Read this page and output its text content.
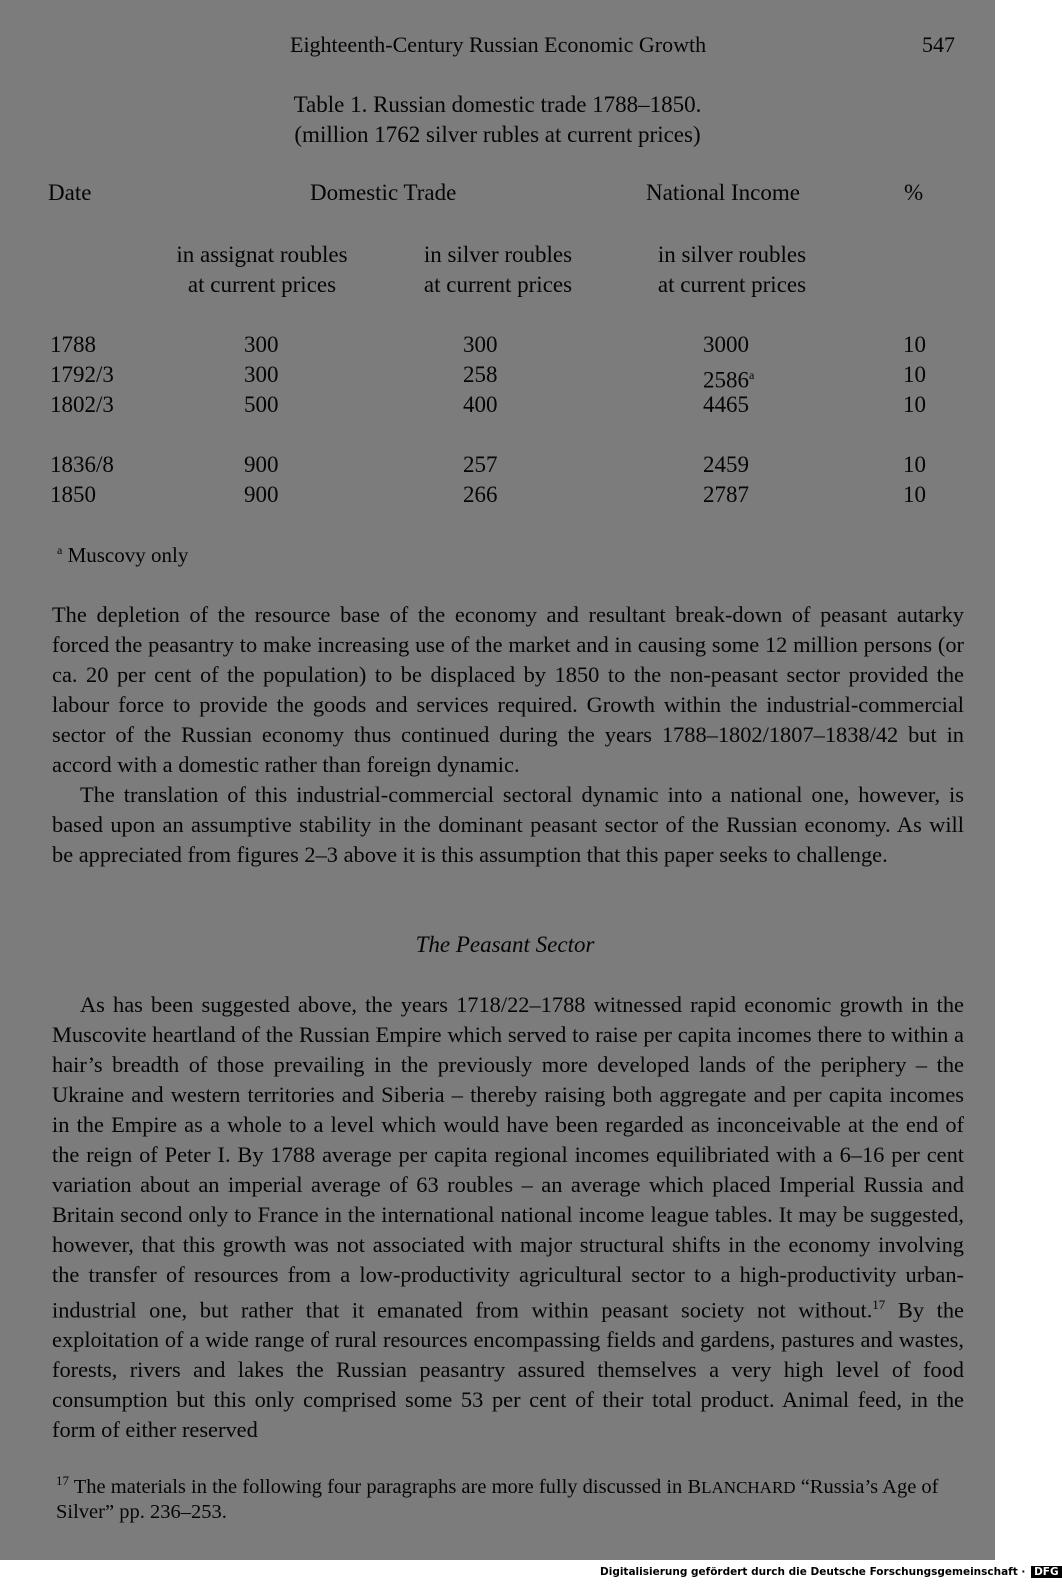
Eighteenth-Century Russian Economic Growth	547
Table 1. Russian domestic trade 1788–1850.
(million 1762 silver rubles at current prices)
Date	Domestic Trade	National Income	%
in assignat roubles
at current prices
in silver roubles
at current prices
in silver roubles
at current prices
1788	300	300	3000	10
1792/3	300	258	2586$^a$	10
1802/3	500	400	4465	10
1836/8	900	257	2459	10
1850	900	266	2787	10
$^a$ Muscovy only

The depletion of the resource base of the economy and resultant break-down of peasant autarky forced the peasantry to make increasing use of the market and in causing some 12 million persons (or ca. 20 per cent of the population) to be displaced by 1850 to the non-peasant sector provided the labour force to provide the goods and services required. Growth within the industrial-commercial sector of the Russian economy thus continued during the years 1788–1802/1807–1838/42 but in accord with a domestic rather than foreign dynamic.

The translation of this industrial-commercial sectoral dynamic into a national one, however, is based upon an assumptive stability in the dominant peasant sector of the Russian economy. As will be appreciated from figures 2–3 above it is this assumption that this paper seeks to challenge.

The Peasant Sector

As has been suggested above, the years 1718/22–1788 witnessed rapid economic growth in the Muscovite heartland of the Russian Empire which served to raise per capita incomes there to within a hair’s breadth of those prevailing in the previously more developed lands of the periphery – the Ukraine and western territories and Siberia – thereby raising both aggregate and per capita incomes in the Empire as a whole to a level which would have been regarded as inconceivable at the end of the reign of Peter I. By 1788 average per capita regional incomes equilibriated with a 6–16 per cent variation about an imperial average of 63 roubles – an average which placed Imperial Russia and Britain second only to France in the international national income league tables. It may be suggested, however, that this growth was not associated with major structural shifts in the economy involving the transfer of resources from a low-productivity agricultural sector to a high-productivity urban-industrial one, but rather that it emanated from within peasant society not without.$^{17}$ By the exploitation of a wide range of rural resources encompassing fields and gardens, pastures and wastes, forests, rivers and lakes the Russian peasantry assured themselves a very high level of food consumption but this only comprised some 53 per cent of their total product. Animal feed, in the form of either reserved

$^{17}$ The materials in the following four paragraphs are more fully discussed in BLANCHARD “Russia’s Age of Silver” pp. 236–253.
Digitalisierung gefördert durch die Deutsche Forschungsgemeinschaft · DFG
